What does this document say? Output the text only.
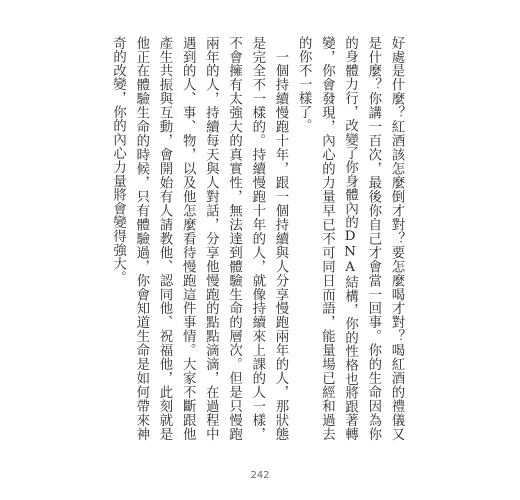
好處是什麼？紅酒該怎麼倒才對？要怎麼喝才對？喝紅酒的禮儀又是什麼？你講一百次，最後你自己才會當一回事。你的生命因為你的身體力行，改變了你身體內的DNA結構，你的性格也將跟著轉變，你會發現，內心的力量早已不可同日而語，能量場已經和過去的你不一樣了。

　一個持續慢跑十年，跟一個持續與人分享慢跑兩年的人，那狀態是完全不一樣的。持續慢跑十年的人，就像持續來上課的人一樣，不會擁有太強大的真實性，無法達到體驗生命的層次。但是只慢跑兩年的人，持續每天與人對話，分享他慢跑的點點滴滴，在過程中遇到的人、事、物，以及他怎麼看待慢跑這件事情。大家不斷跟他產生共振與互動，會開始有人請教他、認同他、祝福他，此刻就是他正在體驗生命的時候，只有體驗過，你會知道生命是如何帶來神奇的改變，你的內心力量將會變得強大。

242
